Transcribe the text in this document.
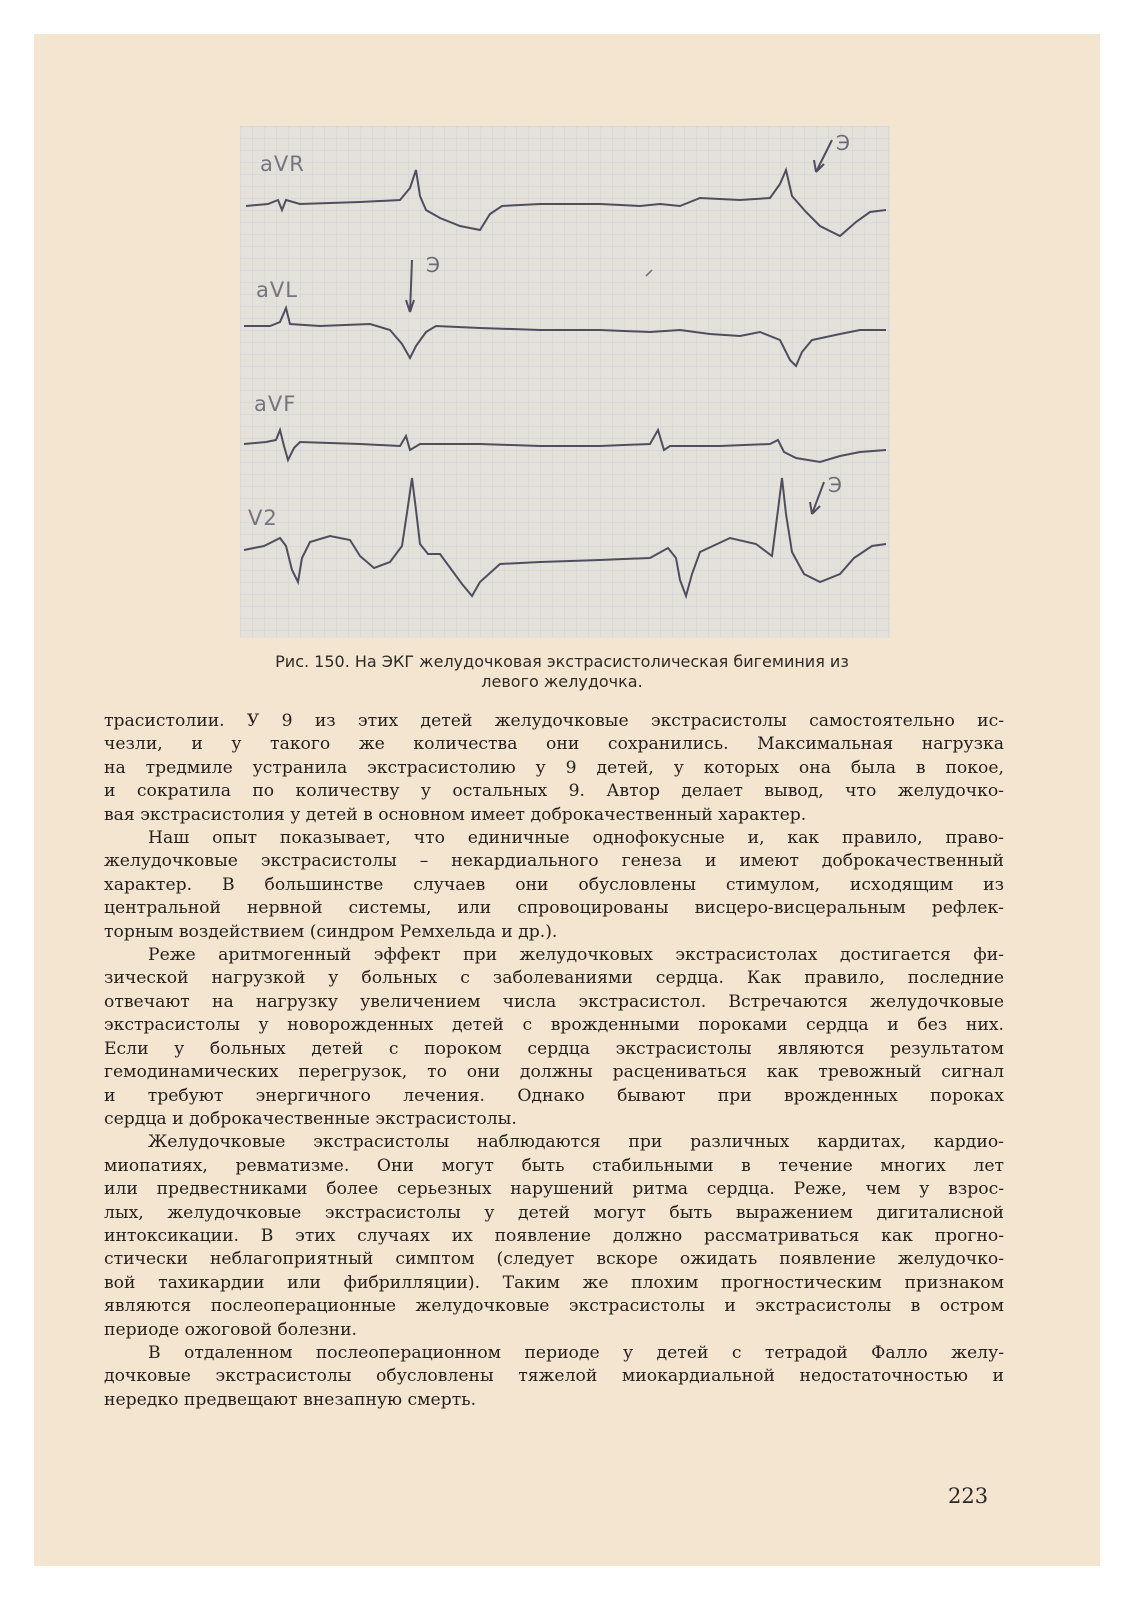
Э
Э
Э
aVR
aVL
aVF
V2
Рис. 150. На ЭКГ желудочковая экстрасистолическая бигеминия из
левого желудочка.

трасистолии. У 9 из этих детей желудочковые экстрасистолы самостоятельно ис-
чезли, и у такого же количества они сохранились. Максимальная нагрузка
на тредмиле устранила экстрасистолию у 9 детей, у которых она была в покое,
и сократила по количеству у остальных 9. Автор делает вывод, что желудочко-
вая экстрасистолия у детей в основном имеет доброкачественный характер.

Наш опыт показывает, что единичные однофокусные и, как правило, право-
желудочковые экстрасистолы – некардиального генеза и имеют доброкачественный
характер. В большинстве случаев они обусловлены стимулом, исходящим из
центральной нервной системы, или спровоцированы висцеро-висцеральным рефлек-
торным воздействием (синдром Ремхельда и др.).

Реже аритмогенный эффект при желудочковых экстрасистолах достигается фи-
зической нагрузкой у больных с заболеваниями сердца. Как правило, последние
отвечают на нагрузку увеличением числа экстрасистол. Встречаются желудочковые
экстрасистолы у новорожденных детей с врожденными пороками сердца и без них.
Если у больных детей с пороком сердца экстрасистолы являются результатом
гемодинамических перегрузок, то они должны расцениваться как тревожный сигнал
и требуют энергичного лечения. Однако бывают при врожденных пороках
сердца и доброкачественные экстрасистолы.

Желудочковые экстрасистолы наблюдаются при различных кардитах, кардио-
миопатиях, ревматизме. Они могут быть стабильными в течение многих лет
или предвестниками более серьезных нарушений ритма сердца. Реже, чем у взрос-
лых, желудочковые экстрасистолы у детей могут быть выражением дигиталисной
интоксикации. В этих случаях их появление должно рассматриваться как прогно-
стически неблагоприятный симптом (следует вскоре ожидать появление желудочко-
вой тахикардии или фибрилляции). Таким же плохим прогностическим признаком
являются послеоперационные желудочковые экстрасистолы и экстрасистолы в остром
периоде ожоговой болезни.

В отдаленном послеоперационном периоде у детей с тетрадой Фалло желу-
дочковые экстрасистолы обусловлены тяжелой миокардиальной недостаточностью и
нередко предвещают внезапную смерть.

223
